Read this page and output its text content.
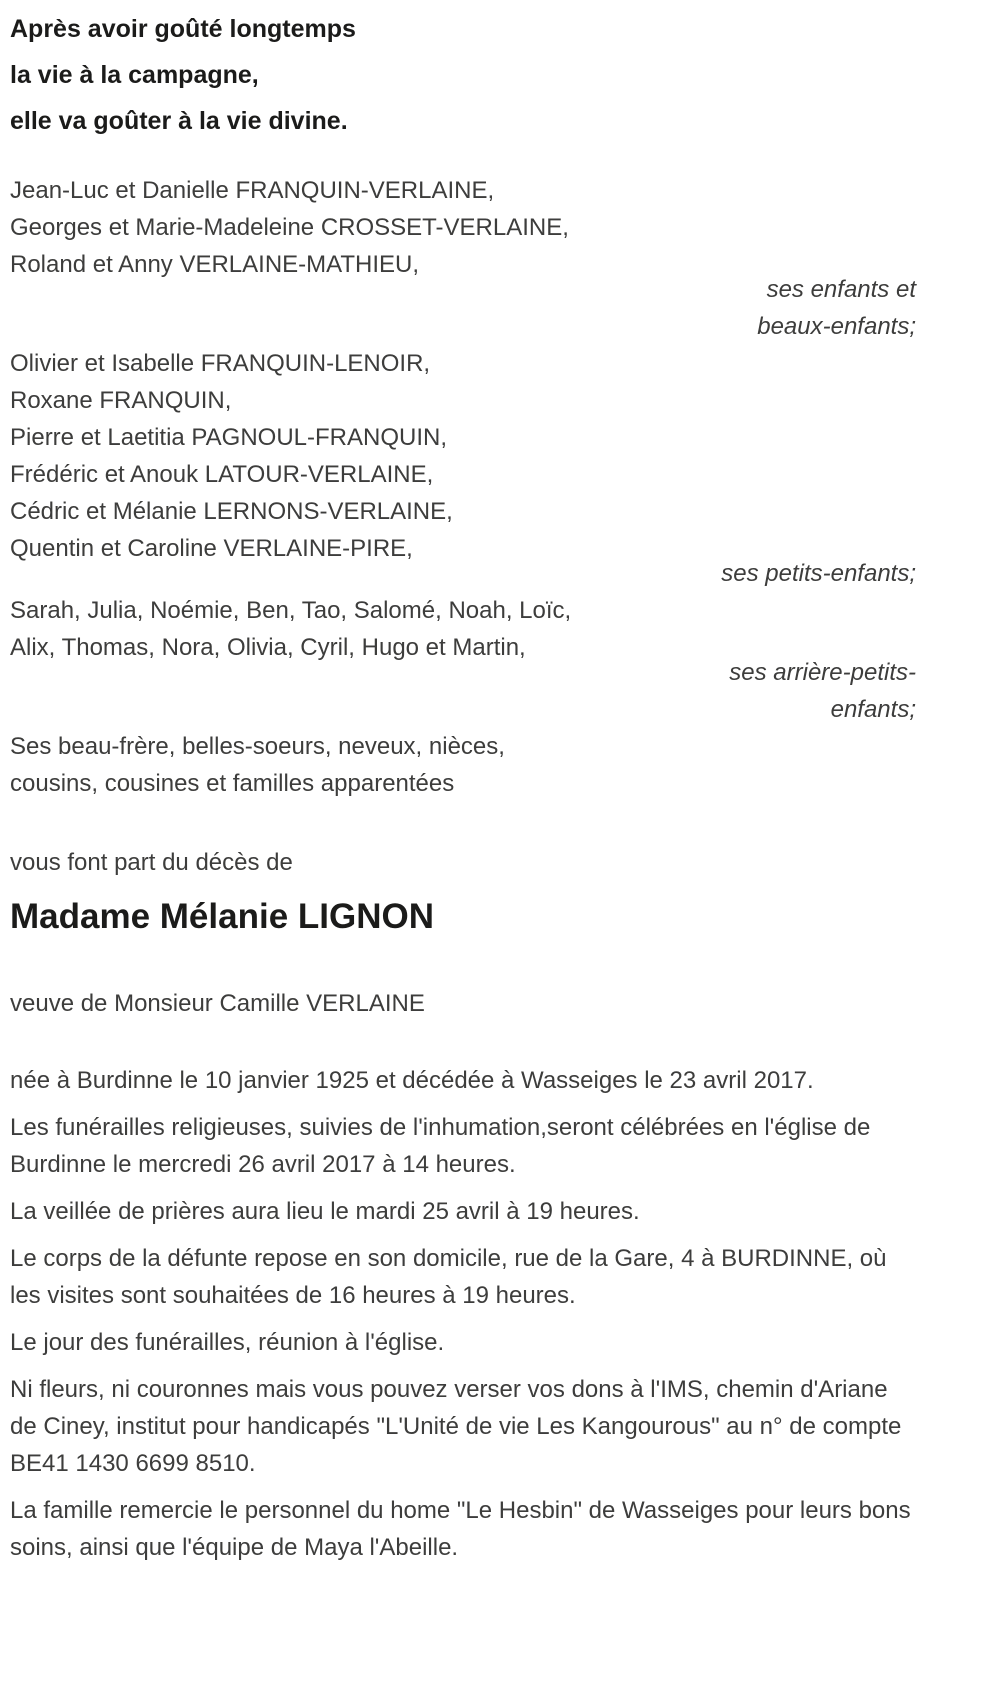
Après avoir goûté longtemps
la vie à la campagne,
elle va goûter à la vie divine.
Jean-Luc et Danielle FRANQUIN-VERLAINE,
Georges et Marie-Madeleine CROSSET-VERLAINE,
Roland et Anny VERLAINE-MATHIEU,
ses enfants et
beaux-enfants;
Olivier et Isabelle FRANQUIN-LENOIR,
Roxane FRANQUIN,
Pierre et Laetitia PAGNOUL-FRANQUIN,
Frédéric et Anouk LATOUR-VERLAINE,
Cédric et Mélanie LERNONS-VERLAINE,
Quentin et Caroline VERLAINE-PIRE,
ses petits-enfants;
Sarah, Julia, Noémie, Ben, Tao, Salomé, Noah, Loïc,
Alix, Thomas, Nora, Olivia, Cyril, Hugo et Martin,
ses arrière-petits-
enfants;
Ses beau-frère, belles-soeurs, neveux, nièces,
cousins, cousines et familles apparentées
vous font part du décès de
Madame Mélanie LIGNON
veuve de Monsieur Camille VERLAINE
née à Burdinne le 10 janvier 1925 et décédée à Wasseiges le 23 avril 2017.
Les funérailles religieuses, suivies de l'inhumation,seront célébrées en l'église de Burdinne le mercredi 26 avril 2017 à 14 heures.
La veillée de prières aura lieu le mardi 25 avril à 19 heures.
Le corps de la défunte repose en son domicile, rue de la Gare, 4 à BURDINNE, où les visites sont souhaitées de 16 heures à 19 heures.
Le jour des funérailles, réunion à l'église.
Ni fleurs, ni couronnes mais vous pouvez verser vos dons à l'IMS, chemin d'Ariane de Ciney, institut pour handicapés "L'Unité de vie Les Kangourous" au n° de compte BE41 1430 6699 8510.
La famille remercie le personnel du home "Le Hesbin" de Wasseiges pour leurs bons soins, ainsi que l'équipe de Maya l'Abeille.
